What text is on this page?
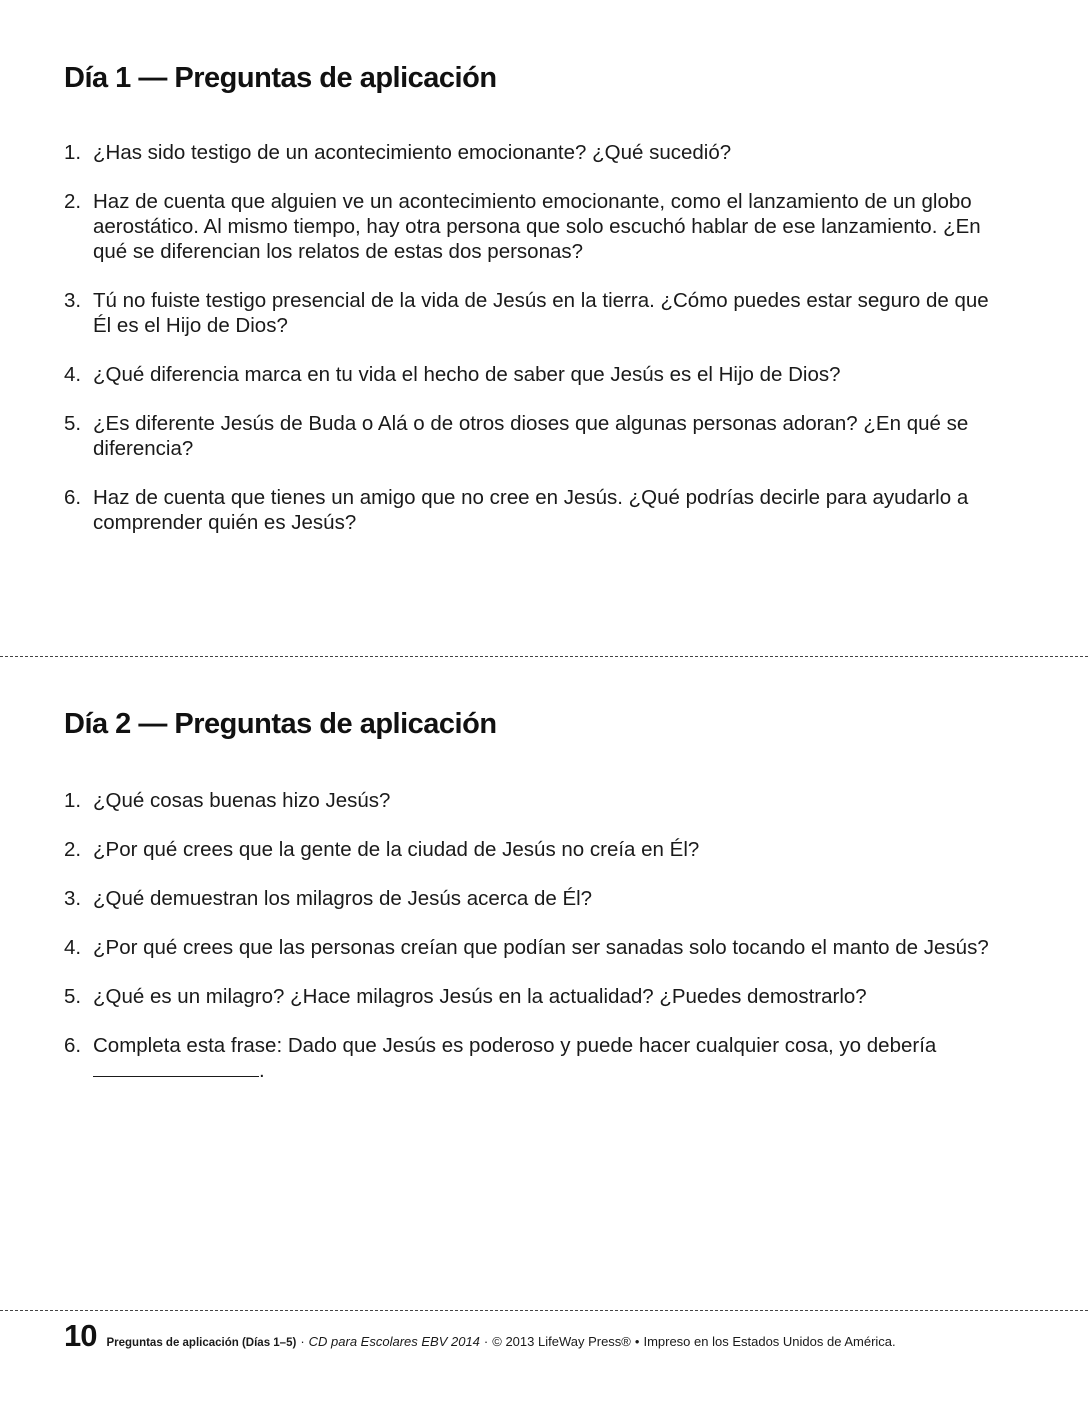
Día 1 — Preguntas de aplicación
1. ¿Has sido testigo de un acontecimiento emocionante? ¿Qué sucedió?
2. Haz de cuenta que alguien ve un acontecimiento emocionante, como el lanzamiento de un globo aerostático. Al mismo tiempo, hay otra persona que solo escuchó hablar de ese lanzamiento. ¿En qué se diferencian los relatos de estas dos personas?
3. Tú no fuiste testigo presencial de la vida de Jesús en la tierra. ¿Cómo puedes estar seguro de que Él es el Hijo de Dios?
4. ¿Qué diferencia marca en tu vida el hecho de saber que Jesús es el Hijo de Dios?
5. ¿Es diferente Jesús de Buda o Alá o de otros dioses que algunas personas adoran? ¿En qué se diferencia?
6. Haz de cuenta que tienes un amigo que no cree en Jesús. ¿Qué podrías decirle para ayudarlo a comprender quién es Jesús?
Día 2 — Preguntas de aplicación
1. ¿Qué cosas buenas hizo Jesús?
2. ¿Por qué crees que la gente de la ciudad de Jesús no creía en Él?
3. ¿Qué demuestran los milagros de Jesús acerca de Él?
4. ¿Por qué crees que las personas creían que podían ser sanadas solo tocando el manto de Jesús?
5. ¿Qué es un milagro? ¿Hace milagros Jesús en la actualidad? ¿Puedes demostrarlo?
6. Completa esta frase: Dado que Jesús es poderoso y puede hacer cualquier cosa, yo debería.
10 Preguntas de aplicación (Días 1–5) · CD para Escolares EBV 2014 · © 2013 LifeWay Press® • Impreso en los Estados Unidos de América.
